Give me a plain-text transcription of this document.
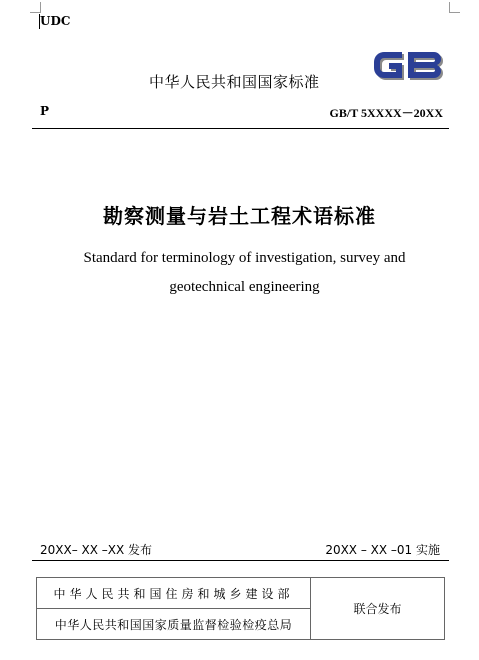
UDC
中华人民共和国国家标准
P	GB/T 5XXXX－20XX
勘察测量与岩土工程术语标准
Standard for terminology of investigation, survey and geotechnical engineering
20XX– XX –XX 发布	20XX – XX –01 实施
中华人民共和国住房和城乡建设部	联合发布
中华人民共和国国家质量监督检验检疫总局
